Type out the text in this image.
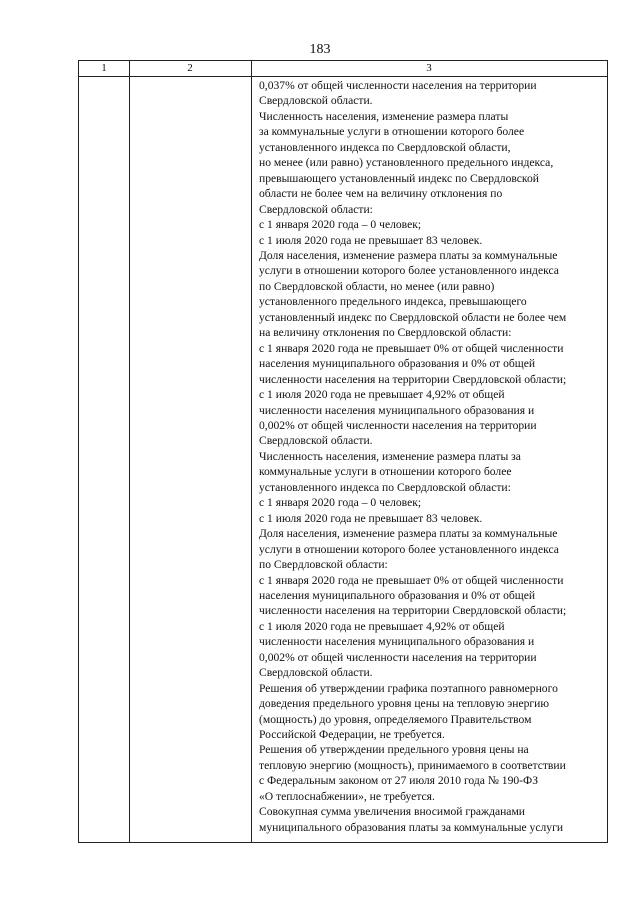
183
1	2	3
0,037% от общей численности населения на территории
Свердловской области.
Численность населения, изменение размера платы
за коммунальные услуги в отношении которого более
установленного индекса по Свердловской области,
но менее (или равно) установленного предельного индекса,
превышающего установленный индекс по Свердловской
области не более чем на величину отклонения по
Свердловской области:
с 1 января 2020 года – 0 человек;
с 1 июля 2020 года не превышает 83 человек.
Доля населения, изменение размера платы за коммунальные
услуги в отношении которого более установленного индекса
по Свердловской области, но менее (или равно)
установленного предельного индекса, превышающего
установленный индекс по Свердловской области не более чем
на величину отклонения по Свердловской области:
с 1 января 2020 года не превышает 0% от общей численности
населения муниципального образования и 0% от общей
численности населения на территории Свердловской области;
с 1 июля 2020 года не превышает 4,92% от общей
численности населения муниципального образования и
0,002% от общей численности населения на территории
Свердловской области.
Численность населения, изменение размера платы за
коммунальные услуги в отношении которого более
установленного индекса по Свердловской области:
с 1 января 2020 года – 0 человек;
с 1 июля 2020 года не превышает 83 человек.
Доля населения, изменение размера платы за коммунальные
услуги в отношении которого более установленного индекса
по Свердловской области:
с 1 января 2020 года не превышает 0% от общей численности
населения муниципального образования и 0% от общей
численности населения на территории Свердловской области;
с 1 июля 2020 года не превышает 4,92% от общей
численности населения муниципального образования и
0,002% от общей численности населения на территории
Свердловской области.
Решения об утверждении графика поэтапного равномерного
доведения предельного уровня цены на тепловую энергию
(мощность) до уровня, определяемого Правительством
Российской Федерации, не требуется.
Решения об утверждении предельного уровня цены на
тепловую энергию (мощность), принимаемого в соответствии
с Федеральным законом от 27 июля 2010 года № 190-ФЗ
«О теплоснабжении», не требуется.
Совокупная сумма увеличения вносимой гражданами
муниципального образования платы за коммунальные услуги
